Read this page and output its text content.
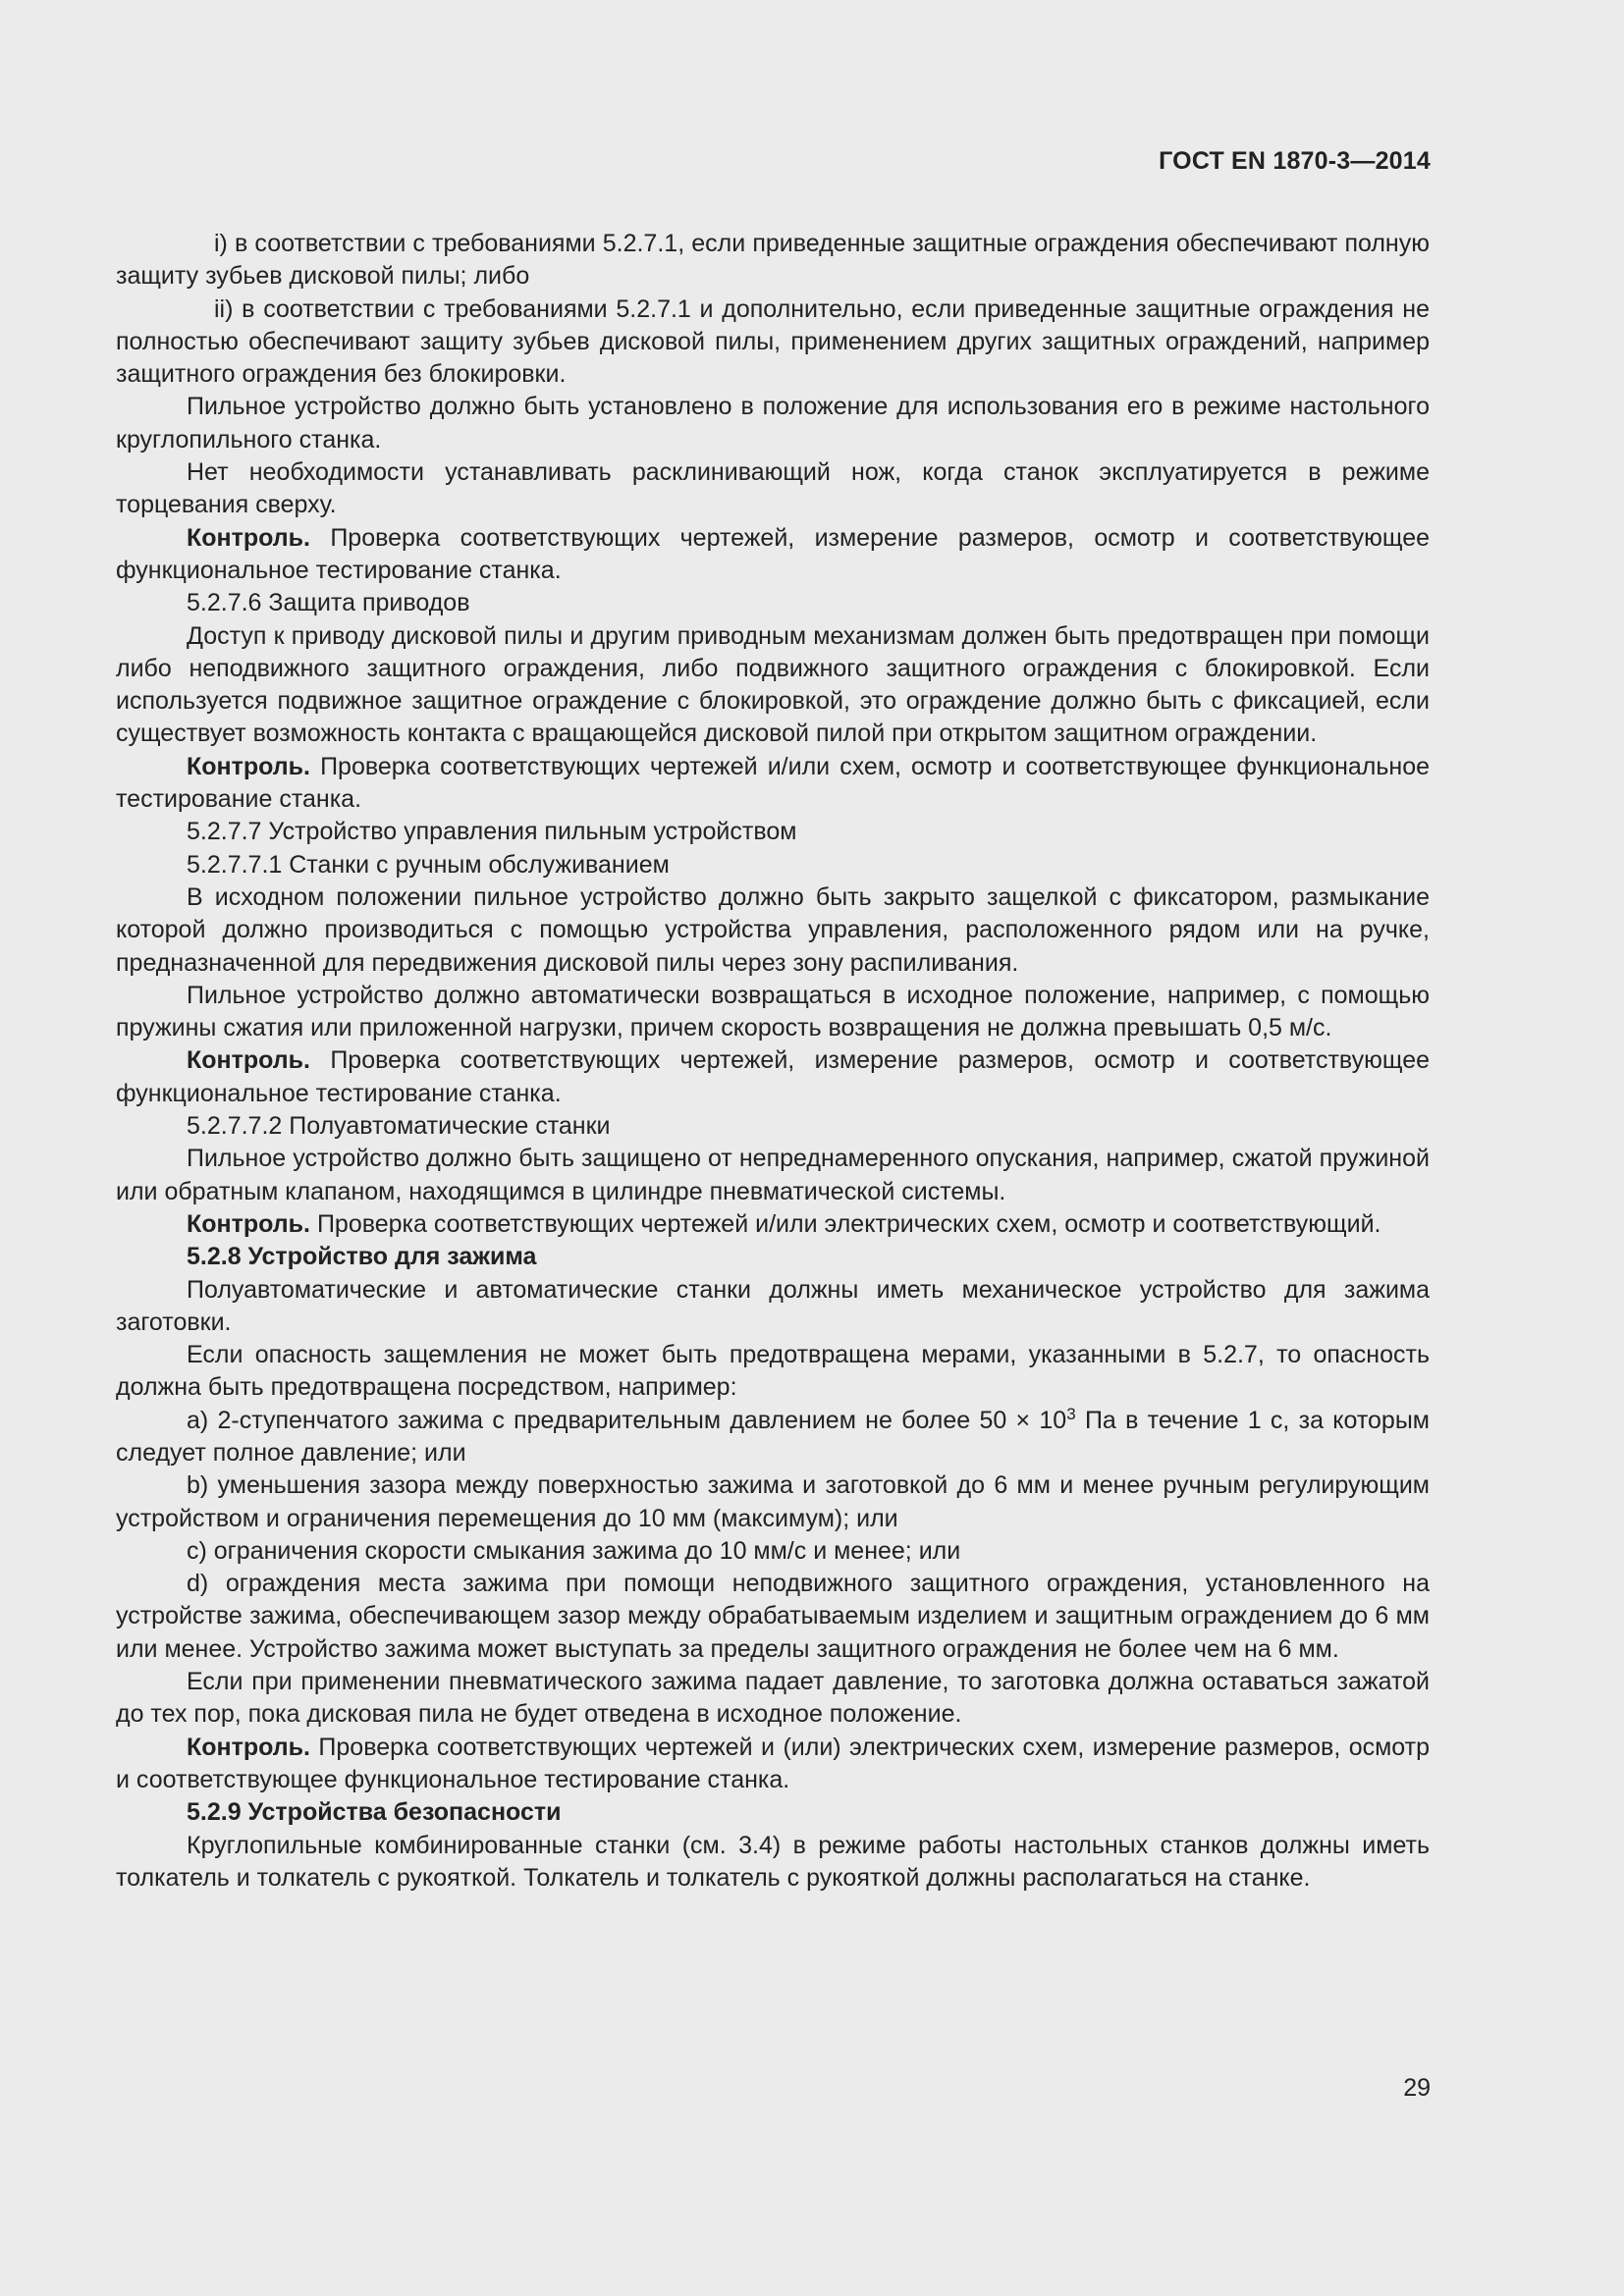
ГОСТ EN 1870-3—2014

i) в соответствии с требованиями 5.2.7.1, если приведенные защитные ограждения обеспечивают полную защиту зубьев дисковой пилы; либо

ii) в соответствии с требованиями 5.2.7.1 и дополнительно, если приведенные защитные ограждения не полностью обеспечивают защиту зубьев дисковой пилы, применением других защитных ограждений, например защитного ограждения без блокировки.

Пильное устройство должно быть установлено в положение для использования его в режиме настольного круглопильного станка.

Нет необходимости устанавливать расклинивающий нож, когда станок эксплуатируется в режиме торцевания сверху.

Контроль. Проверка соответствующих чертежей, измерение размеров, осмотр и соответствующее функциональное тестирование станка.

5.2.7.6 Защита приводов

Доступ к приводу дисковой пилы и другим приводным механизмам должен быть предотвращен при помощи либо неподвижного защитного ограждения, либо подвижного защитного ограждения с блокировкой. Если используется подвижное защитное ограждение с блокировкой, это ограждение должно быть с фиксацией, если существует возможность контакта с вращающейся дисковой пилой при открытом защитном ограждении.

Контроль. Проверка соответствующих чертежей и/или схем, осмотр и соответствующее функциональное тестирование станка.

5.2.7.7 Устройство управления пильным устройством

5.2.7.7.1 Станки с ручным обслуживанием

В исходном положении пильное устройство должно быть закрыто защелкой с фиксатором, размыкание которой должно производиться с помощью устройства управления, расположенного рядом или на ручке, предназначенной для передвижения дисковой пилы через зону распиливания.

Пильное устройство должно автоматически возвращаться в исходное положение, например, с помощью пружины сжатия или приложенной нагрузки, причем скорость возвращения не должна превышать 0,5 м/с.

Контроль. Проверка соответствующих чертежей, измерение размеров, осмотр и соответствующее функциональное тестирование станка.

5.2.7.7.2 Полуавтоматические станки

Пильное устройство должно быть защищено от непреднамеренного опускания, например, сжатой пружиной или обратным клапаном, находящимся в цилиндре пневматической системы.

Контроль. Проверка соответствующих чертежей и/или электрических схем, осмотр и соответствующий.

5.2.8 Устройство для зажима

Полуавтоматические и автоматические станки должны иметь механическое устройство для зажима заготовки.

Если опасность защемления не может быть предотвращена мерами, указанными в 5.2.7, то опасность должна быть предотвращена посредством, например:

a) 2-ступенчатого зажима с предварительным давлением не более $50 \times 10^3$ Па в течение 1 с, за которым следует полное давление; или

b) уменьшения зазора между поверхностью зажима и заготовкой до 6 мм и менее ручным регулирующим устройством и ограничения перемещения до 10 мм (максимум); или

c) ограничения скорости смыкания зажима до 10 мм/с и менее; или

d) ограждения места зажима при помощи неподвижного защитного ограждения, установленного на устройстве зажима, обеспечивающем зазор между обрабатываемым изделием и защитным ограждением до 6 мм или менее. Устройство зажима может выступать за пределы защитного ограждения не более чем на 6 мм.

Если при применении пневматического зажима падает давление, то заготовка должна оставаться зажатой до тех пор, пока дисковая пила не будет отведена в исходное положение.

Контроль. Проверка соответствующих чертежей и (или) электрических схем, измерение размеров, осмотр и соответствующее функциональное тестирование станка.

5.2.9 Устройства безопасности

Круглопильные комбинированные станки (см. 3.4) в режиме работы настольных станков должны иметь толкатель и толкатель с рукояткой. Толкатель и толкатель с рукояткой должны располагаться на станке.

29
